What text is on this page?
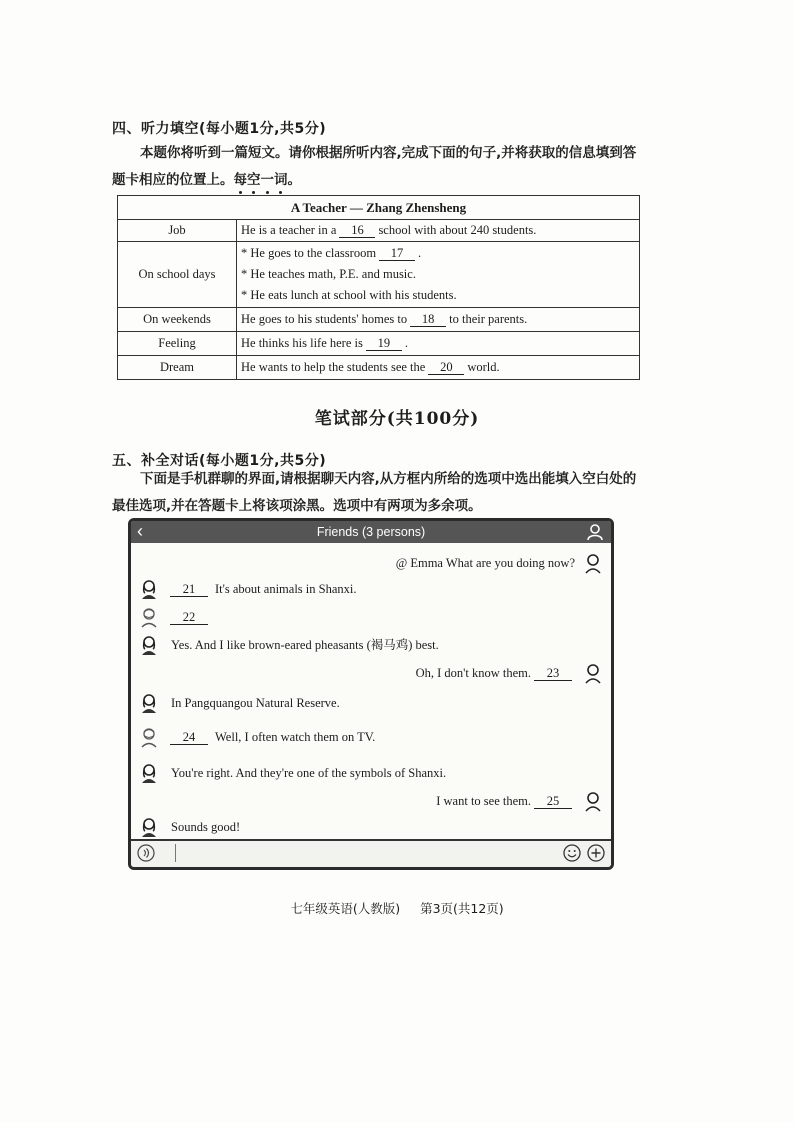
四、听力填空(每小题1分,共5分)
本题你将听到一篇短文。请你根据所听内容,完成下面的句子,并将获取的信息填到答题卡相应的位置上。每空一词
。
A Teacher — Zhang Zhensheng	
Job	He is a teacher in a 16 school with about 240 students.

On school days	* He goes to the classroom 17 .
* He teaches math, P.E. and music.
* He eats lunch at school with his students.

On weekends	He goes to his students' homes to 18 to their parents.

Feeling	He thinks his life here is 19 .

Dream	He wants to help the students see the 20 world.
笔试部分(共100分)
五、补全对话(每小题1分,共5分)
下面是手机群聊的界面,请根据聊天内容,从方框内所给的选项中选出能填入空白处的最佳选项,并在答题卡上将该项涂黑。选项中有两项为多余项。
‹	Friends (3 persons)
@ Emma What are you doing now?
21 It's about animals in Shanxi.
22
Yes. And I like brown-eared pheasants (褐马鸡) best.
Oh, I don't know them. 23
In Pangquangou Natural Reserve.
24 Well, I often watch them on TV.
You're right. And they're one of the symbols of Shanxi.
I want to see them. 25
Sounds good!
七年级英语(人教版) 第3页(共12页)
